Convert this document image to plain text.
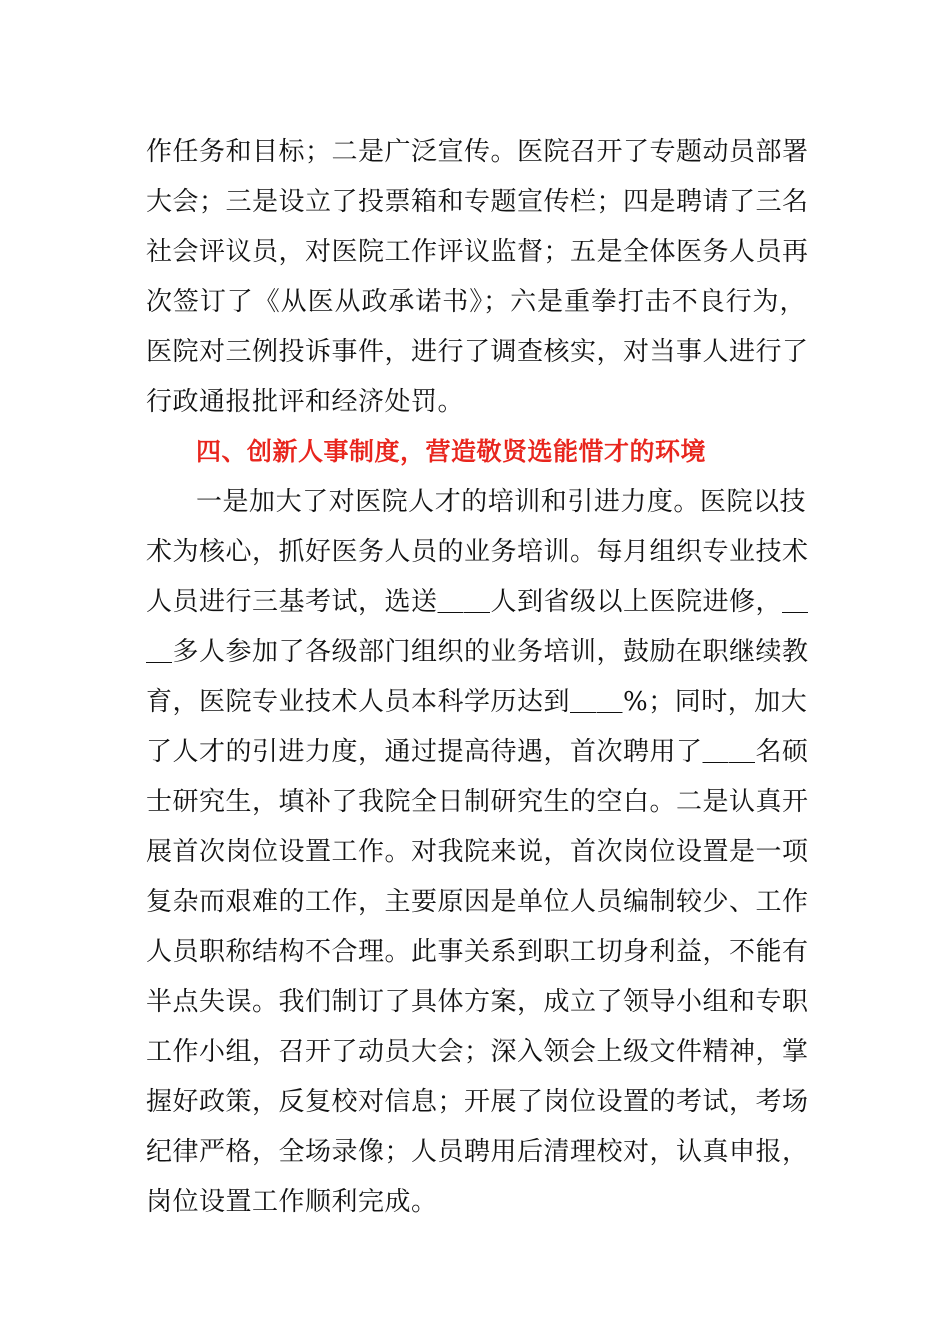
作任务和目标；二是广泛宣传。医院召开了专题动员部署
大会；三是设立了投票箱和专题宣传栏；四是聘请了三名
社会评议员，对医院工作评议监督；五是全体医务人员再
次签订了《从医从政承诺书》；六是重拳打击不良行为，
医院对三例投诉事件，进行了调查核实，对当事人进行了
行政通报批评和经济处罚。
四、创新人事制度，营造敬贤选能惜才的环境
一是加大了对医院人才的培训和引进力度。医院以技
术为核心，抓好医务人员的业务培训。每月组织专业技术
人员进行三基考试，选送＿＿人到省级以上医院进修，＿
＿多人参加了各级部门组织的业务培训，鼓励在职继续教
育，医院专业技术人员本科学历达到＿＿%；同时，加大
了人才的引进力度，通过提高待遇，首次聘用了＿＿名硕
士研究生，填补了我院全日制研究生的空白。二是认真开
展首次岗位设置工作。对我院来说，首次岗位设置是一项
复杂而艰难的工作，主要原因是单位人员编制较少、工作
人员职称结构不合理。此事关系到职工切身利益，不能有
半点失误。我们制订了具体方案，成立了领导小组和专职
工作小组，召开了动员大会；深入领会上级文件精神，掌
握好政策，反复校对信息；开展了岗位设置的考试，考场
纪律严格，全场录像；人员聘用后清理校对，认真申报，
岗位设置工作顺利完成。
